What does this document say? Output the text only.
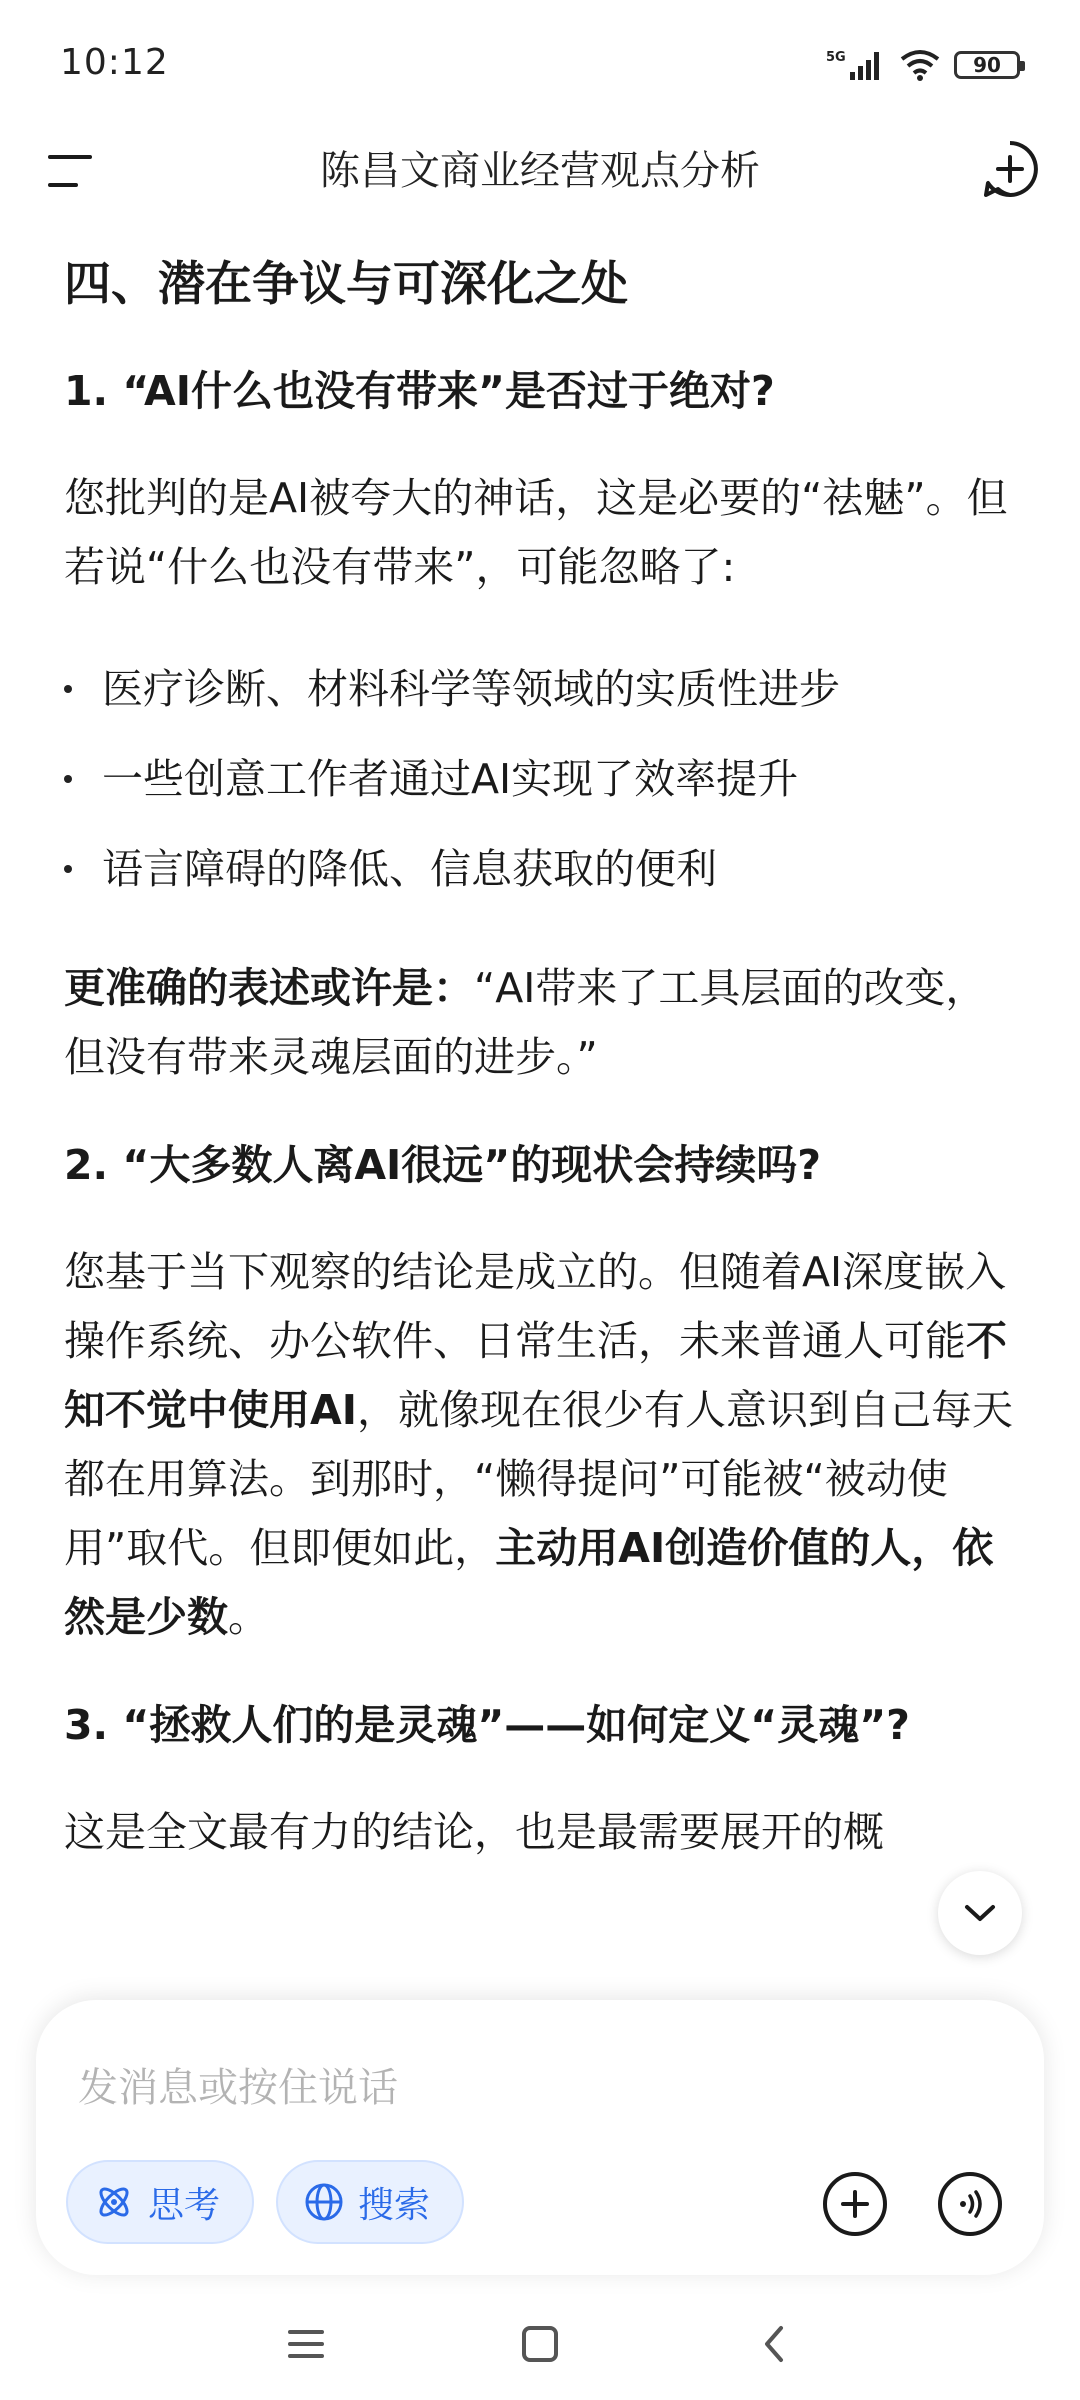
10:12	5G	90
陈昌文商业经营观点分析
四、潜在争议与可深化之处
1. “AI什么也没有带来”是否过于绝对?

您批判的是AI被夸大的神话，这是必要的“祛魅”。但若说“什么也没有带来”，可能忽略了:

医疗诊断、材料科学等领域的实质性进步
一些创意工作者通过AI实现了效率提升
语言障碍的降低、信息获取的便利

更准确的表述或许是：“AI带来了工具层面的改变，但没有带来灵魂层面的进步。”

2. “大多数人离AI很远”的现状会持续吗?

您基于当下观察的结论是成立的。但随着AI深度嵌入操作系统、办公软件、日常生活，未来普通人可能不知不觉中使用AI，就像现在很少有人意识到自己每天都在用算法。到那时，“懒得提问”可能被“被动使用”取代。但即便如此，主动用AI创造价值的人，依然是少数。

3. “拯救人们的是灵魂”——如何定义“灵魂”?

这是全文最有力的结论，也是最需要展开的概

发消息或按住说话
思考	搜索
